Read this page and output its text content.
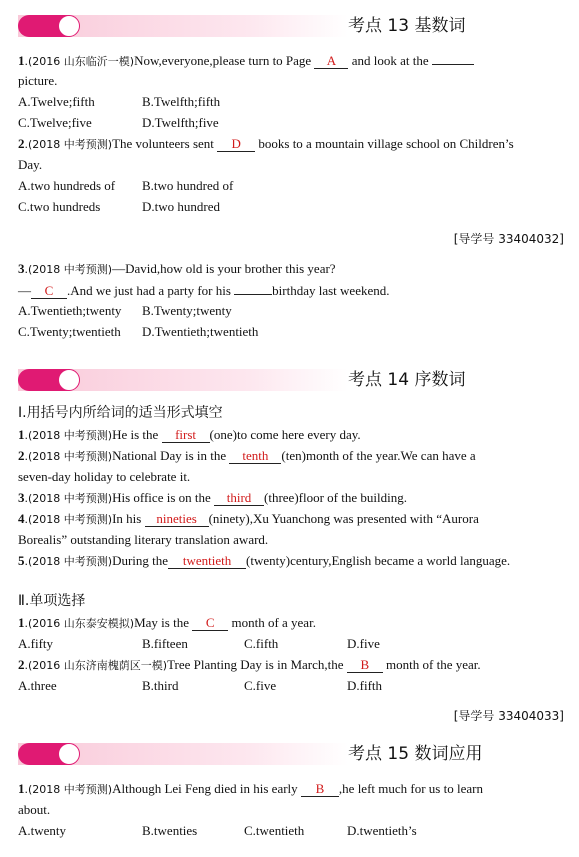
考点 13 基数词
1.(2016 山东临沂一模)Now,everyone,please turn to Page A and look at the
picture.
A.Twelve;fifth	B.Twelfth;fifth
C.Twelve;five	D.Twelfth;five
2.(2018 中考预测)The volunteers sent D books to a mountain village school on Children’s
Day.
A.two hundreds of B.two hundred of
C.two hundreds	D.two hundred
[导学号 33404032]
3.(2018 中考预测)—David,how old is your brother this year?
— C .And we just had a party for his	birthday last weekend.
A.Twentieth;twenty B.Twenty;twenty
C.Twenty;twentieth D.Twentieth;twentieth
考点 14 序数词
Ⅰ.用括号内所给词的适当形式填空
1.(2018 中考预测)He is the first (one)to come here every day.
2.(2018 中考预测)National Day is in the tenth (ten)month of the year.We can have a
seven-day holiday to celebrate it.
3.(2018 中考预测)His office is on the third (three)floor of the building.
4.(2018 中考预测)In his nineties (ninety),Xu Yuanchong was presented with “Aurora
Borealis” outstanding literary translation award.
5.(2018 中考预测)During the twentieth (twenty)century,English became a world language.
Ⅱ.单项选择
1.(2016 山东泰安模拟)May is the C month of a year.
A.fifty	B.fifteen	C.fifth	D.five
2.(2016 山东济南槐荫区一模)Tree Planting Day is in March,the B month of the year.
A.three	B.third	C.five	D.fifth
[导学号 33404033]
考点 15 数词应用
1.(2018 中考预测)Although Lei Feng died in his early B ,he left much for us to learn
about.
A.twenty	B.twenties	C.twentieth	D.twentieth’s
